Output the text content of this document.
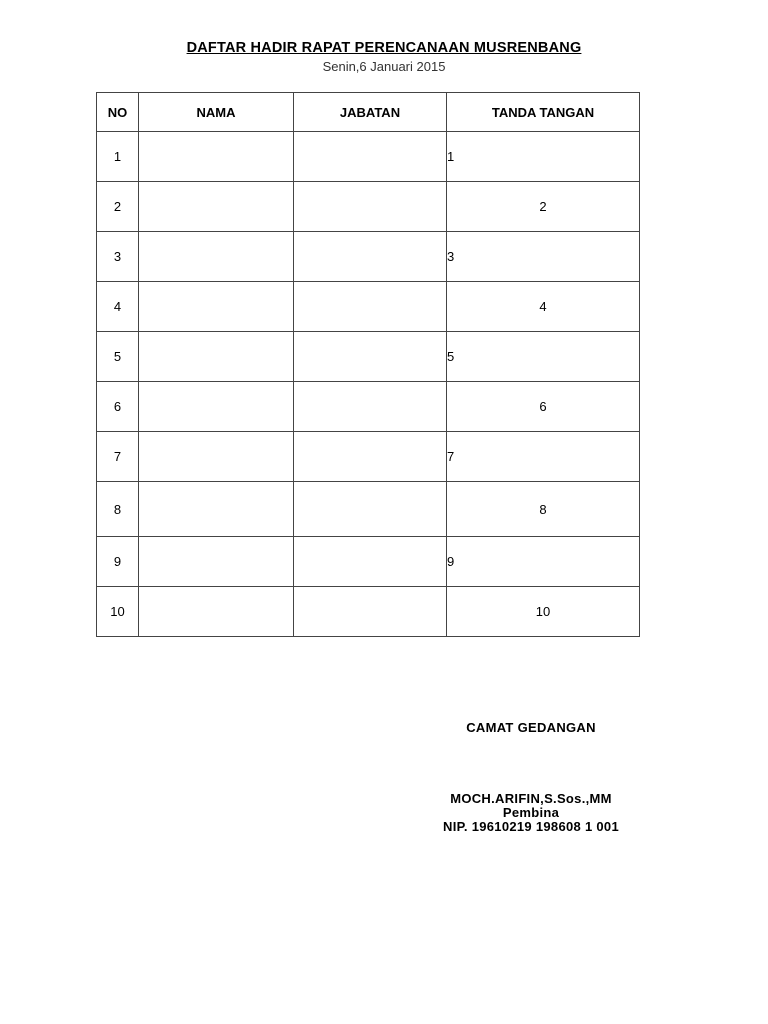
DAFTAR HADIR RAPAT PERENCANAAN MUSRENBANG
Senin,6 Januari 2015
NO	NAMA	JABATAN	TANDA TANGAN
1			1
2			2
3			3
4			4
5			5
6			6
7			7
8			8
9			9
10			10
CAMAT GEDANGAN
MOCH.ARIFIN,S.Sos.,MM
Pembina
NIP. 19610219 198608 1 001
